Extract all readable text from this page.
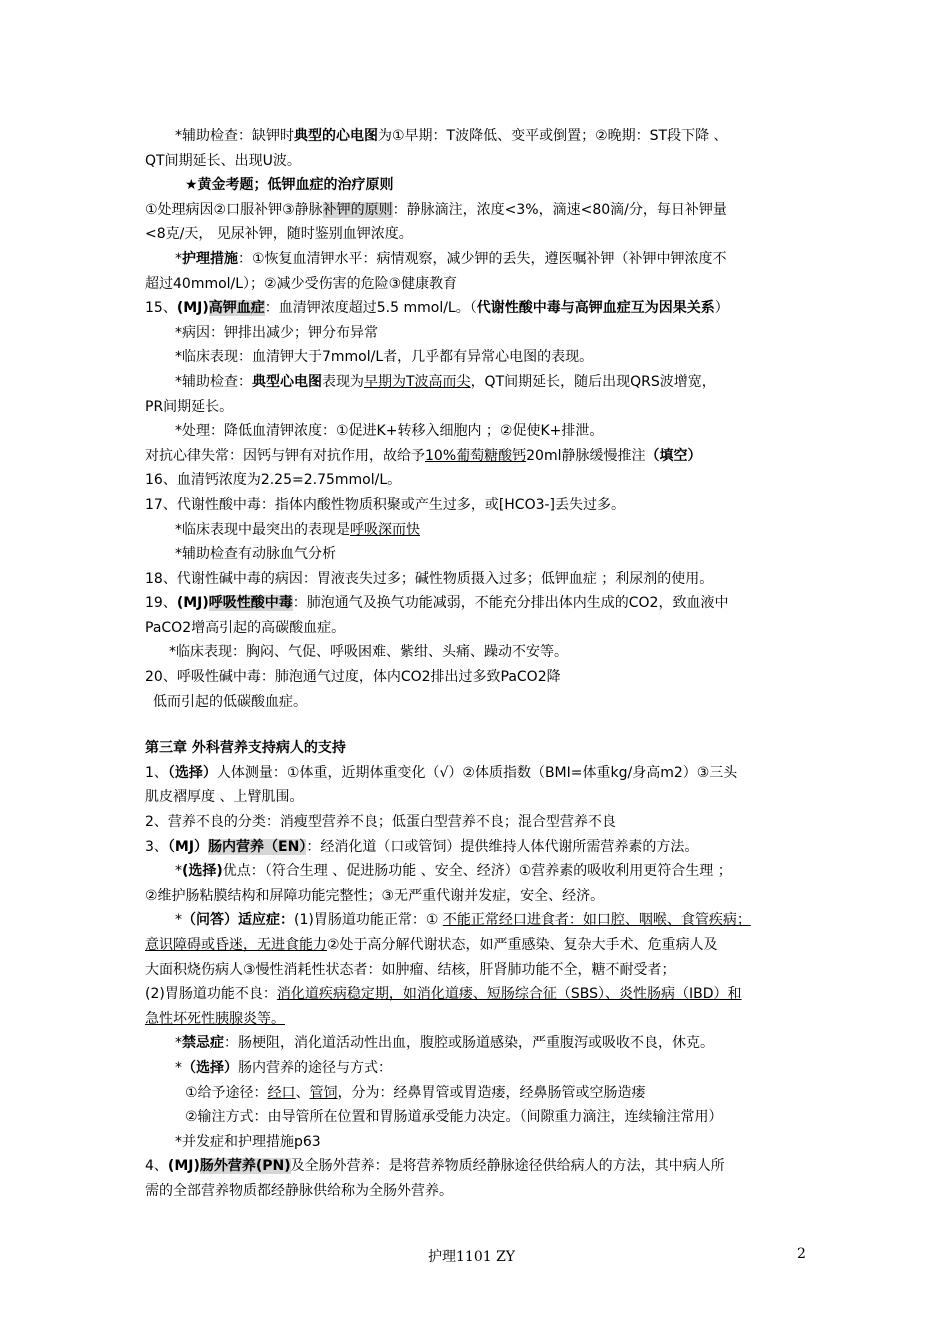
*辅助检查：缺钾时典型的心电图为①早期：T波降低、变平或倒置；②晚期：ST段下降 、

QT间期延长、出现U波。

★黄金考题；低钾血症的治疗原则

①处理病因②口服补钾③静脉补钾的原则：静脉滴注，浓度<3%，滴速<80滴/分，每日补钾量

<8克/天， 见尿补钾，随时鉴别血钾浓度。

*护理措施：①恢复血清钾水平：病情观察，减少钾的丢失，遵医嘱补钾（补钾中钾浓度不

超过40mmol/L）；②减少受伤害的危险③健康教育

15、(MJ)高钾血症：血清钾浓度超过5.5 mmol/L。（代谢性酸中毒与高钾血症互为因果关系）

*病因：钾排出减少；钾分布异常

*临床表现：血清钾大于7mmol/L者，几乎都有异常心电图的表现。

*辅助检查：典型心电图表现为早期为T波高而尖，QT间期延长，随后出现QRS波增宽，

PR间期延长。

*处理：降低血清钾浓度：①促进K+转移入细胞内 ；②促使K+排泄。

对抗心律失常：因钙与钾有对抗作用，故给予10%葡萄糖酸钙20ml静脉缓慢推注（填空）

16、血清钙浓度为2.25=2.75mmol/L。

17、代谢性酸中毒：指体内酸性物质积聚或产生过多，或[HCO3-]丢失过多。

*临床表现中最突出的表现是呼吸深而快

*辅助检查有动脉血气分析

18、代谢性碱中毒的病因：胃液丧失过多；碱性物质摄入过多；低钾血症 ；利尿剂的使用。

19、(MJ)呼吸性酸中毒：肺泡通气及换气功能减弱，不能充分排出体内生成的CO2，致血液中

PaCO2增高引起的高碳酸血症。

*临床表现：胸闷、气促、呼吸困难、紫绀、头痛、躁动不安等。

20、呼吸性碱中毒：肺泡通气过度，体内CO2排出过多致PaCO2降

低而引起的低碳酸血症。

第三章 外科营养支持病人的支持

1、（选择）人体测量：①体重，近期体重变化（√）②体质指数（BMI=体重kg/身高m2）③三头

肌皮褶厚度 、上臂肌围。

2、营养不良的分类：消瘦型营养不良；低蛋白型营养不良；混合型营养不良

3、（MJ）肠内营养（EN）：经消化道（口或管饲）提供维持人体代谢所需营养素的方法。

*(选择)优点：（符合生理 、促进肠功能 、安全、经济）①营养素的吸收利用更符合生理 ；

②维护肠粘膜结构和屏障功能完整性；③无严重代谢并发症，安全、经济。

*（问答）适应症：(1)胃肠道功能正常：① 不能正常经口进食者：如口腔、咽喉、食管疾病；

意识障碍或昏迷，无进食能力②处于高分解代谢状态，如严重感染、复杂大手术、危重病人及

大面积烧伤病人③慢性消耗性状态者：如肿瘤、结核，肝肾肺功能不全，糖不耐受者；

(2)胃肠道功能不良：消化道疾病稳定期，如消化道瘘、短肠综合征（SBS）、炎性肠病（IBD）和

急性坏死性胰腺炎等。

*禁忌症：肠梗阻，消化道活动性出血，腹腔或肠道感染，严重腹泻或吸收不良，休克。

*（选择）肠内营养的途径与方式：

①给予途径：经口、管饲，分为：经鼻胃管或胃造瘘，经鼻肠管或空肠造瘘

②输注方式：由导管所在位置和胃肠道承受能力决定。（间隙重力滴注，连续输注常用）

*并发症和护理措施p63

4、(MJ)肠外营养(PN)及全肠外营养：是将营养物质经静脉途径供给病人的方法，其中病人所

需的全部营养物质都经静脉供给称为全肠外营养。

护理1101 ZY	2
